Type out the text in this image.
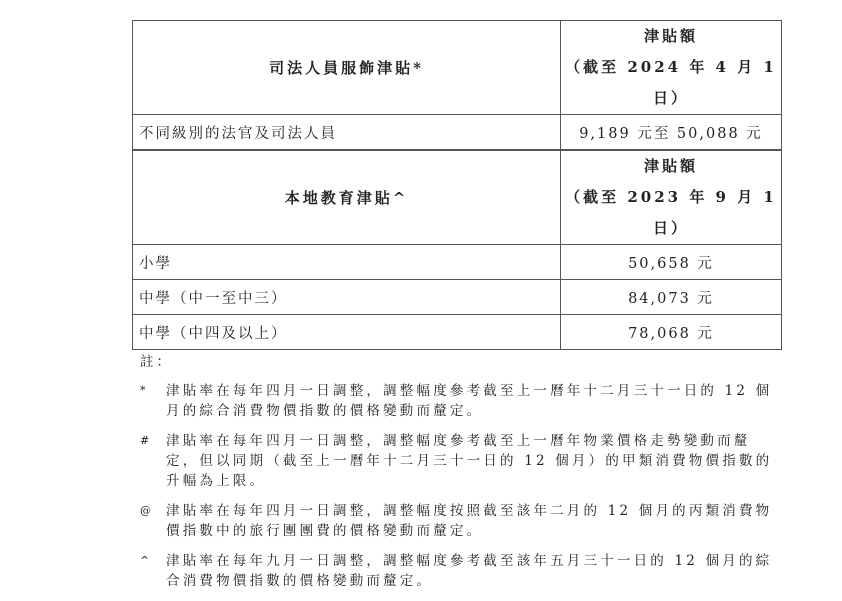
司法人員服飾津貼*	津貼額
（截至 2024 年 4 月 1 日）

不同級別的法官及司法人員	9,189 元至 50,088 元
本地教育津貼^	津貼額
（截至 2023 年 9 月 1 日）

小學	50,658 元
中學（中一至中三）	84,073 元
中學（中四及以上）	78,068 元
註：
* 津貼率在每年四月一日調整，調整幅度參考截至上一曆年十二月三十一日的 12 個月的綜合消費物價指數的價格變動而釐定。
# 津貼率在每年四月一日調整，調整幅度參考截至上一曆年物業價格走勢變動而釐定，但以同期（截至上一曆年十二月三十一日的 12 個月）的甲類消費物價指數的升幅為上限。
@ 津貼率在每年四月一日調整，調整幅度按照截至該年二月的 12 個月的丙類消費物價指數中的旅行團團費的價格變動而釐定。
^ 津貼率在每年九月一日調整，調整幅度參考截至該年五月三十一日的 12 個月的綜合消費物價指數的價格變動而釐定。
